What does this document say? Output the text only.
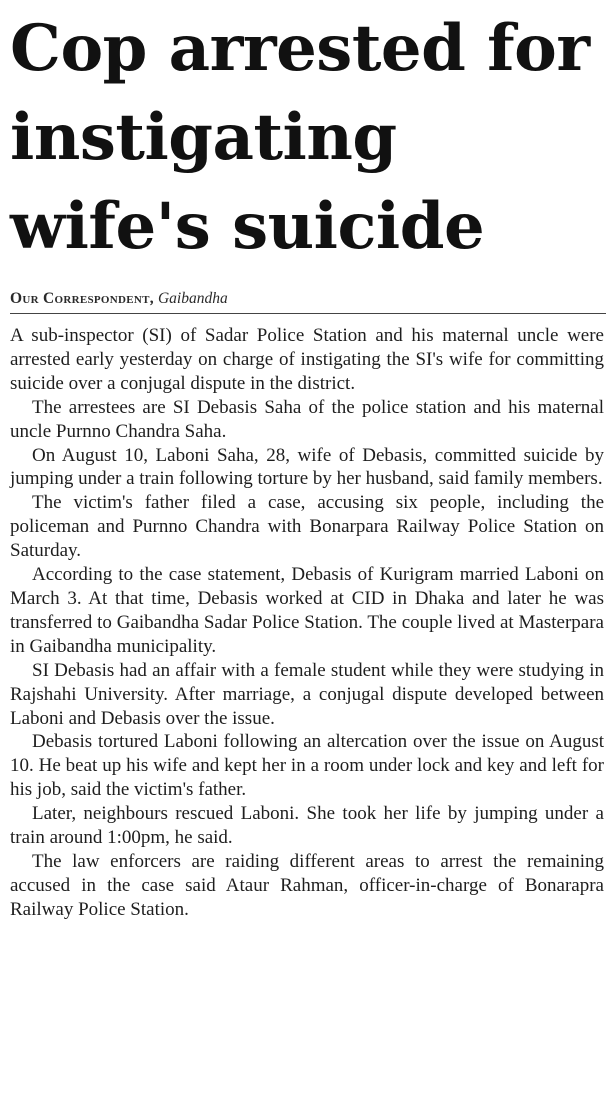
Cop arrested for
instigating
wife's suicide
Our Correspondent, Gaibandha

A sub-inspector (SI) of Sadar Police Station and his maternal uncle were arrested early yesterday on charge of instigating the SI's wife for committing suicide over a conjugal dispute in the district.

The arrestees are SI Debasis Saha of the police station and his maternal uncle Purnno Chandra Saha.

On August 10, Laboni Saha, 28, wife of Debasis, committed suicide by jumping under a train following torture by her husband, said family members.

The victim's father filed a case, accusing six people, including the policeman and Purnno Chandra with Bonarpara Railway Police Station on Saturday.

According to the case statement, Debasis of Kurigram married Laboni on March 3. At that time, Debasis worked at CID in Dhaka and later he was transferred to Gaibandha Sadar Police Station. The couple lived at Masterpara in Gaibandha municipality.

SI Debasis had an affair with a female student while they were studying in Rajshahi University. After marriage, a conjugal dispute developed between Laboni and Debasis over the issue.

Debasis tortured Laboni following an altercation over the issue on August 10. He beat up his wife and kept her in a room under lock and key and left for his job, said the victim's father.

Later, neighbours rescued Laboni. She took her life by jumping under a train around 1:00pm, he said.

The law enforcers are raiding different areas to arrest the remaining accused in the case said Ataur Rahman, officer-in-charge of Bonarapra Railway Police Station.
